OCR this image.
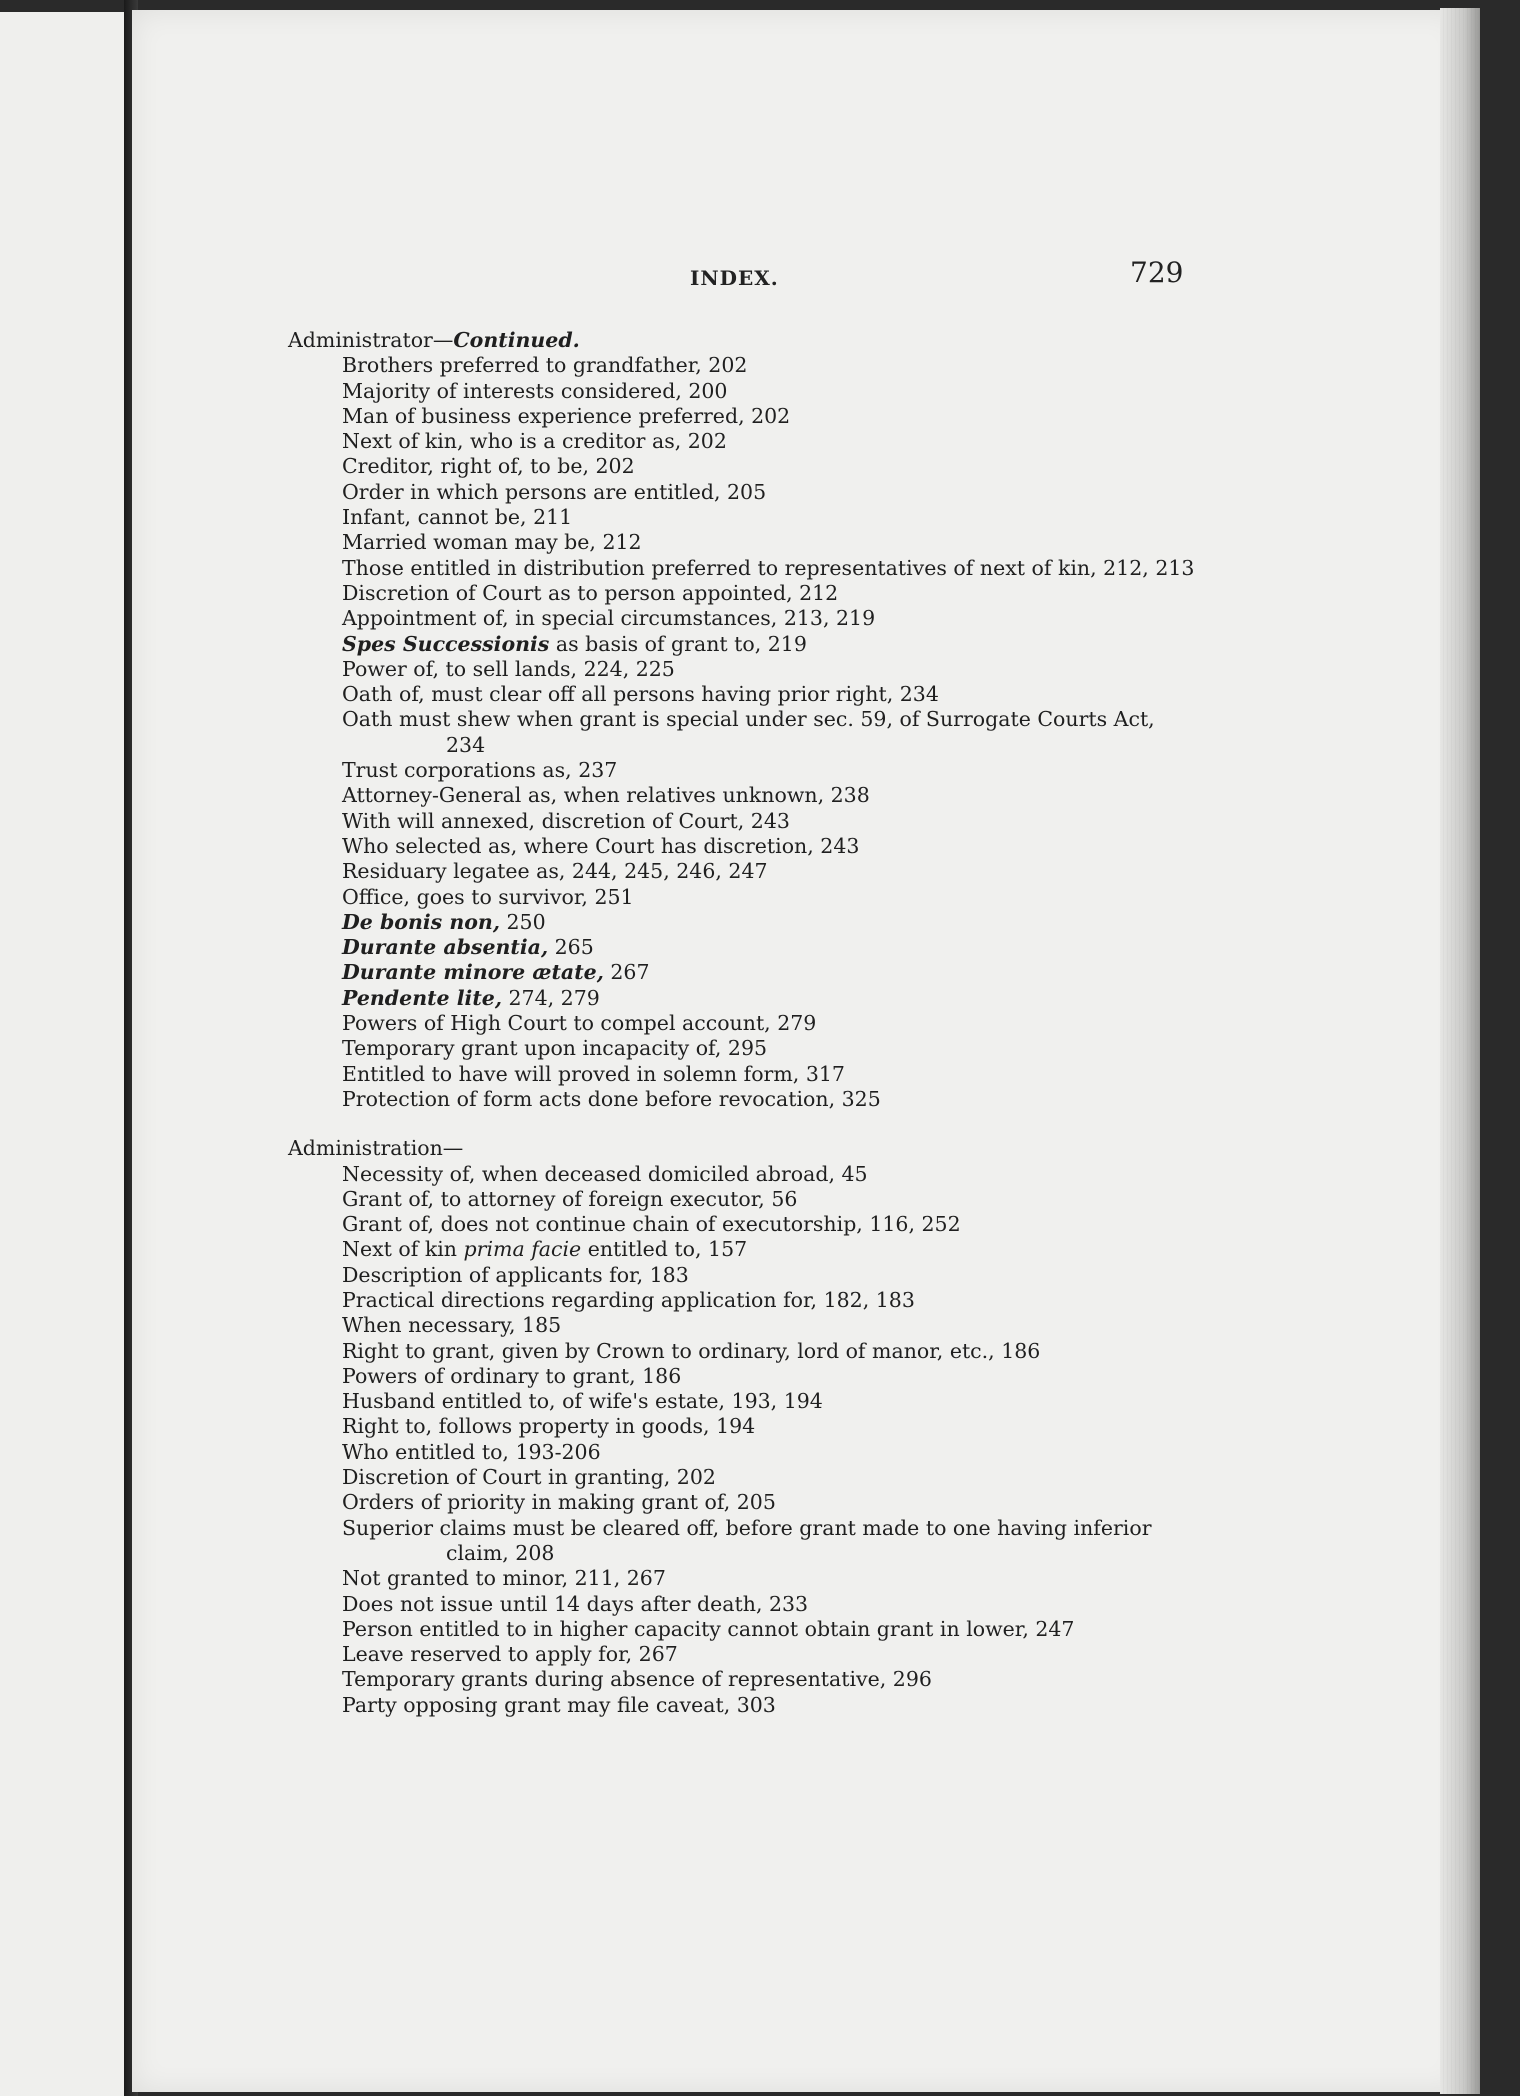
INDEX.	729

Administrator—Continued.

Brothers preferred to grandfather, 202
Majority of interests considered, 200
Man of business experience preferred, 202
Next of kin, who is a creditor as, 202
Creditor, right of, to be, 202
Order in which persons are entitled, 205
Infant, cannot be, 211
Married woman may be, 212
Those entitled in distribution preferred to representatives of next of kin, 212, 213
Discretion of Court as to person appointed, 212
Appointment of, in special circumstances, 213, 219
Spes Successionis as basis of grant to, 219
Power of, to sell lands, 224, 225
Oath of, must clear off all persons having prior right, 234
Oath must shew when grant is special under sec. 59, of Surrogate Courts Act, 234
Trust corporations as, 237
Attorney-General as, when relatives unknown, 238
With will annexed, discretion of Court, 243
Who selected as, where Court has discretion, 243
Residuary legatee as, 244, 245, 246, 247
Office, goes to survivor, 251
De bonis non, 250
Durante absentia, 265
Durante minore ætate, 267
Pendente lite, 274, 279
Powers of High Court to compel account, 279
Temporary grant upon incapacity of, 295
Entitled to have will proved in solemn form, 317
Protection of form acts done before revocation, 325

Administration—

Necessity of, when deceased domiciled abroad, 45
Grant of, to attorney of foreign executor, 56
Grant of, does not continue chain of executorship, 116, 252
Next of kin prima facie entitled to, 157
Description of applicants for, 183
Practical directions regarding application for, 182, 183
When necessary, 185
Right to grant, given by Crown to ordinary, lord of manor, etc., 186
Powers of ordinary to grant, 186
Husband entitled to, of wife's estate, 193, 194
Right to, follows property in goods, 194
Who entitled to, 193-206
Discretion of Court in granting, 202
Orders of priority in making grant of, 205
Superior claims must be cleared off, before grant made to one having inferior claim, 208
Not granted to minor, 211, 267
Does not issue until 14 days after death, 233
Person entitled to in higher capacity cannot obtain grant in lower, 247
Leave reserved to apply for, 267
Temporary grants during absence of representative, 296
Party opposing grant may file caveat, 303
